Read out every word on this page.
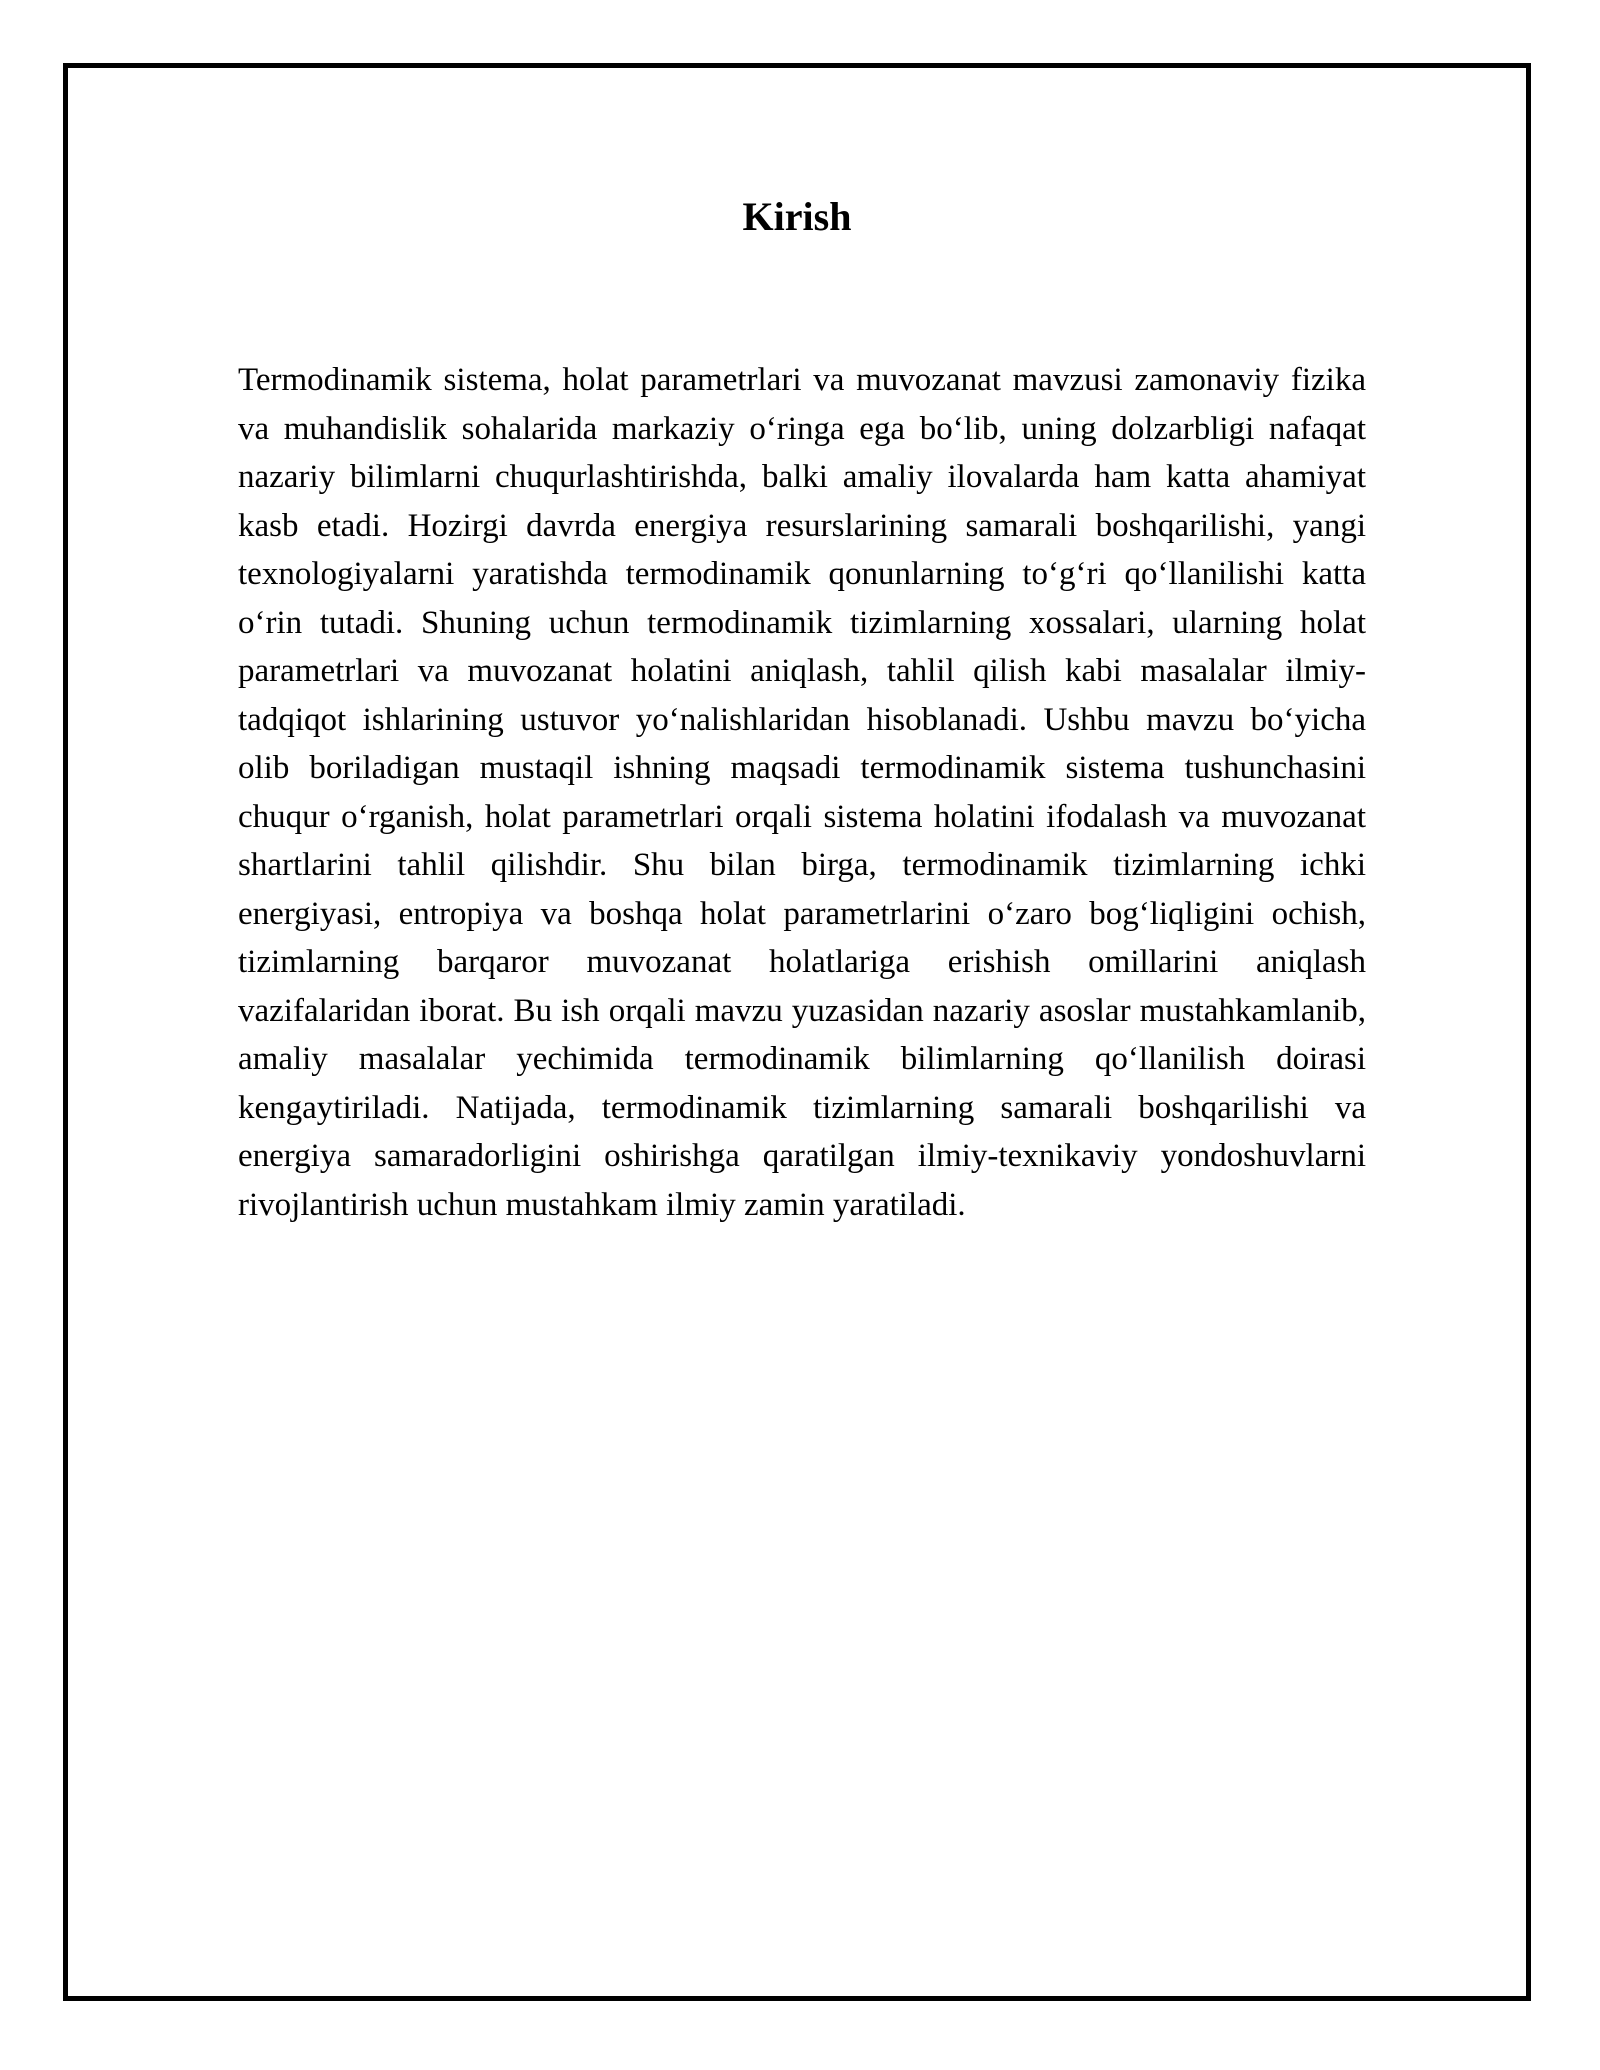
Kirish

Termodinamik sistema, holat parametrlari va muvozanat mavzusi zamonaviy fizika va muhandislik sohalarida markaziy o‘ringa ega bo‘lib, uning dolzarbligi nafaqat nazariy bilimlarni chuqurlashtirishda, balki amaliy ilovalarda ham katta ahamiyat kasb etadi. Hozirgi davrda energiya resurslarining samarali boshqarilishi, yangi texnologiyalarni yaratishda termodinamik qonunlarning to‘g‘ri qo‘llanilishi katta o‘rin tutadi. Shuning uchun termodinamik tizimlarning xossalari, ularning holat parametrlari va muvozanat holatini aniqlash, tahlil qilish kabi masalalar ilmiy-tadqiqot ishlarining ustuvor yo‘nalishlaridan hisoblanadi. Ushbu mavzu bo‘yicha olib boriladigan mustaqil ishning maqsadi termodinamik sistema tushunchasini chuqur o‘rganish, holat parametrlari orqali sistema holatini ifodalash va muvozanat shartlarini tahlil qilishdir. Shu bilan birga, termodinamik tizimlarning ichki energiyasi, entropiya va boshqa holat parametrlarini o‘zaro bog‘liqligini ochish, tizimlarning barqaror muvozanat holatlariga erishish omillarini aniqlash vazifalaridan iborat. Bu ish orqali mavzu yuzasidan nazariy asoslar mustahkamlanib, amaliy masalalar yechimida termodinamik bilimlarning qo‘llanilish doirasi kengaytiriladi. Natijada, termodinamik tizimlarning samarali boshqarilishi va energiya samaradorligini oshirishga qaratilgan ilmiy-texnikaviy yondoshuvlarni rivojlantirish uchun mustahkam ilmiy zamin yaratiladi.
